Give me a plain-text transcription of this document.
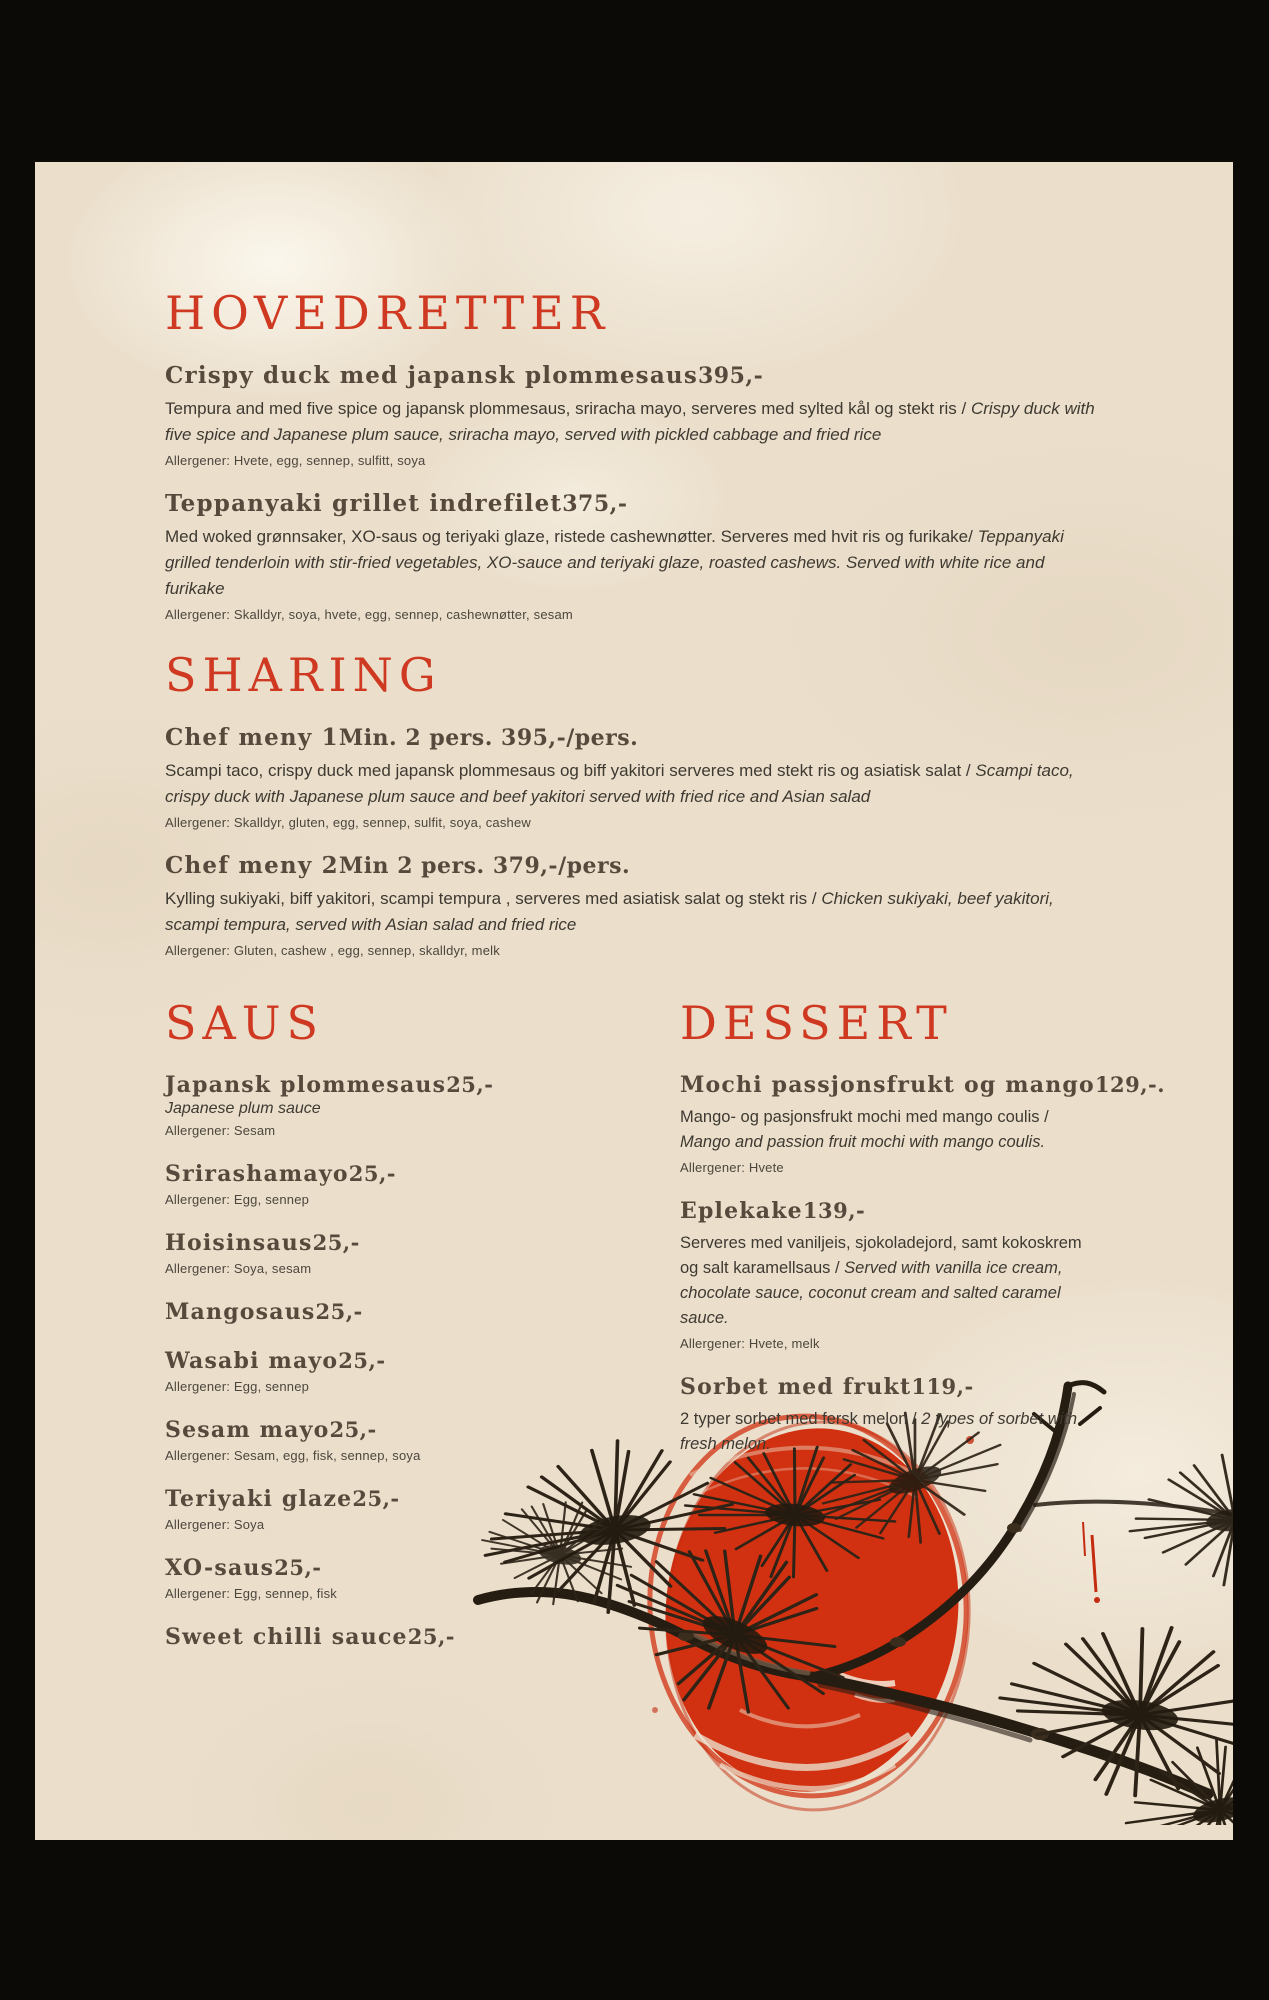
HOVEDRETTER
Crispy duck med japansk plommesaus 395,-

Tempura and med five spice og japansk plommesaus, sriracha mayo, serveres med sylted kål og stekt ris / Crispy duck with five spice and Japanese plum sauce, sriracha mayo, served with pickled cabbage and fried rice

Allergener: Hvete, egg, sennep, sulfitt, soya

Teppanyaki grillet indrefilet 375,-

Med woked grønnsaker, XO-saus og teriyaki glaze, ristede cashewnøtter. Serveres med hvit ris og furikake/ Teppanyaki grilled tenderloin with stir-fried vegetables, XO-sauce and teriyaki glaze, roasted cashews. Served with white rice and furikake

Allergener: Skalldyr, soya, hvete, egg, sennep, cashewnøtter, sesam

SHARING
Chef meny 1 Min. 2 pers. 395,-/pers.

Scampi taco, crispy duck med japansk plommesaus og biff yakitori serveres med stekt ris og asiatisk salat / Scampi taco, crispy duck with Japanese plum sauce and beef yakitori served with fried rice and Asian salad

Allergener: Skalldyr, gluten, egg, sennep, sulfit, soya, cashew

Chef meny 2 Min 2 pers. 379,-/pers.

Kylling sukiyaki, biff yakitori, scampi tempura , serveres med asiatisk salat og stekt ris / Chicken sukiyaki, beef yakitori, scampi tempura, served with Asian salad and fried rice

Allergener: Gluten, cashew , egg, sennep, skalldyr, melk

SAUS
Japansk plommesaus 25,-

Japanese plum sauce

Allergener: Sesam

Srirashamayo 25,-

Allergener: Egg, sennep

Hoisinsaus 25,-

Allergener: Soya, sesam

Mangosaus 25,-
Wasabi mayo 25,-

Allergener: Egg, sennep

Sesam mayo 25,-

Allergener: Sesam, egg, fisk, sennep, soya

Teriyaki glaze 25,-

Allergener: Soya

XO-saus 25,-

Allergener: Egg, sennep, fisk

Sweet chilli sauce 25,-
DESSERT
Mochi passjonsfrukt og mango 129,-.

Mango- og pasjonsfrukt mochi med mango coulis / Mango and passion fruit mochi with mango coulis.

Allergener: Hvete

Eplekake 139,-

Serveres med vaniljeis, sjokoladejord, samt kokoskrem og salt karamellsaus / Served with vanilla ice cream, chocolate sauce, coconut cream and salted caramel sauce.

Allergener: Hvete, melk

Sorbet med frukt 119,-

2 typer sorbet med fersk melon / 2 types of sorbet with fresh melon.
